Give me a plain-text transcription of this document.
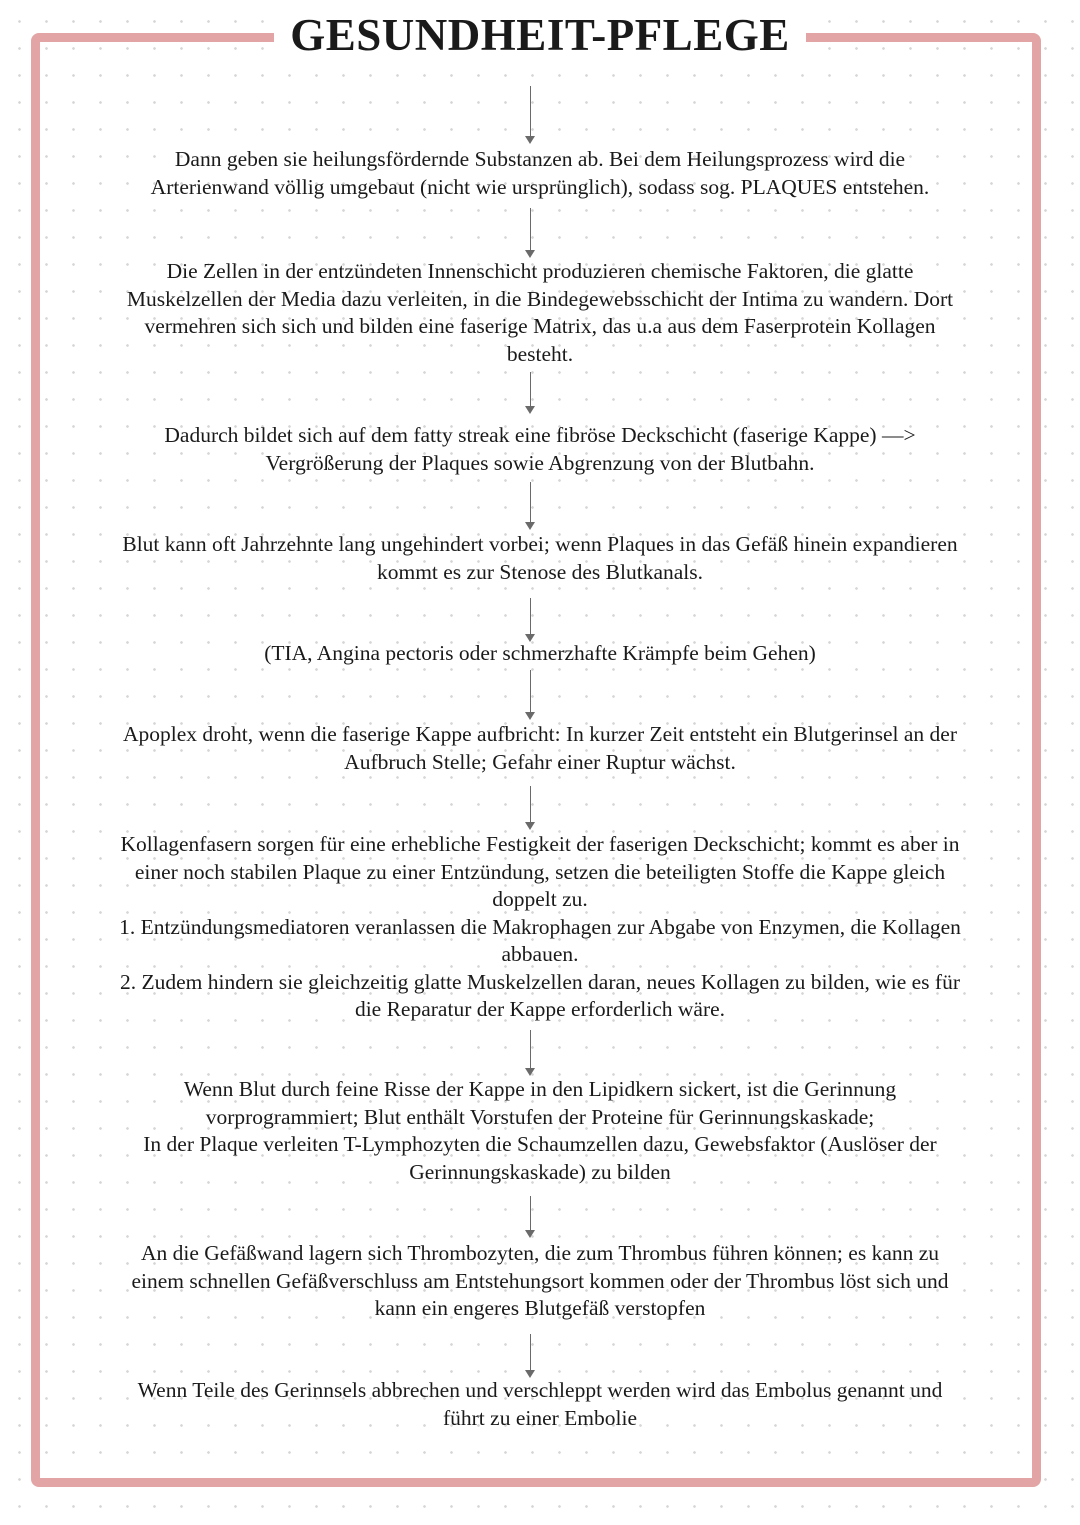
GESUNDHEIT-PFLEGE

Dann geben sie heilungsfördernde Substanzen ab. Bei dem Heilungsprozess wird die

Arterienwand völlig umgebaut (nicht wie ursprünglich), sodass sog. PLAQUES entstehen.

Die Zellen in der entzündeten Innenschicht produzieren chemische Faktoren, die glatte

Muskelzellen der Media dazu verleiten, in die Bindegewebsschicht der Intima zu wandern. Dort

vermehren sich sich und bilden eine faserige Matrix, das u.a aus dem Faserprotein Kollagen

besteht.

Dadurch bildet sich auf dem fatty streak eine fibröse Deckschicht (faserige Kappe) —>

Vergrößerung der Plaques sowie Abgrenzung von der Blutbahn.

Blut kann oft Jahrzehnte lang ungehindert vorbei; wenn Plaques in das Gefäß hinein expandieren

kommt es zur Stenose des Blutkanals.

(TIA, Angina pectoris oder schmerzhafte Krämpfe beim Gehen)

Apoplex droht, wenn die faserige Kappe aufbricht: In kurzer Zeit entsteht ein Blutgerinsel an der

Aufbruch Stelle; Gefahr einer Ruptur wächst.

Kollagenfasern sorgen für eine erhebliche Festigkeit der faserigen Deckschicht; kommt es aber in

einer noch stabilen Plaque zu einer Entzündung, setzen die beteiligten Stoffe die Kappe gleich

doppelt zu.

1. Entzündungsmediatoren veranlassen die Makrophagen zur Abgabe von Enzymen, die Kollagen

abbauen.

2. Zudem hindern sie gleichzeitig glatte Muskelzellen daran, neues Kollagen zu bilden, wie es für

die Reparatur der Kappe erforderlich wäre.

Wenn Blut durch feine Risse der Kappe in den Lipidkern sickert, ist die Gerinnung

vorprogrammiert; Blut enthält Vorstufen der Proteine für Gerinnungskaskade;

In der Plaque verleiten T-Lymphozyten die Schaumzellen dazu, Gewebsfaktor (Auslöser der

Gerinnungskaskade) zu bilden

An die Gefäßwand lagern sich Thrombozyten, die zum Thrombus führen können; es kann zu

einem schnellen Gefäßverschluss am Entstehungsort kommen oder der Thrombus löst sich und

kann ein engeres Blutgefäß verstopfen

Wenn Teile des Gerinnsels abbrechen und verschleppt werden wird das Embolus genannt und

führt zu einer Embolie
